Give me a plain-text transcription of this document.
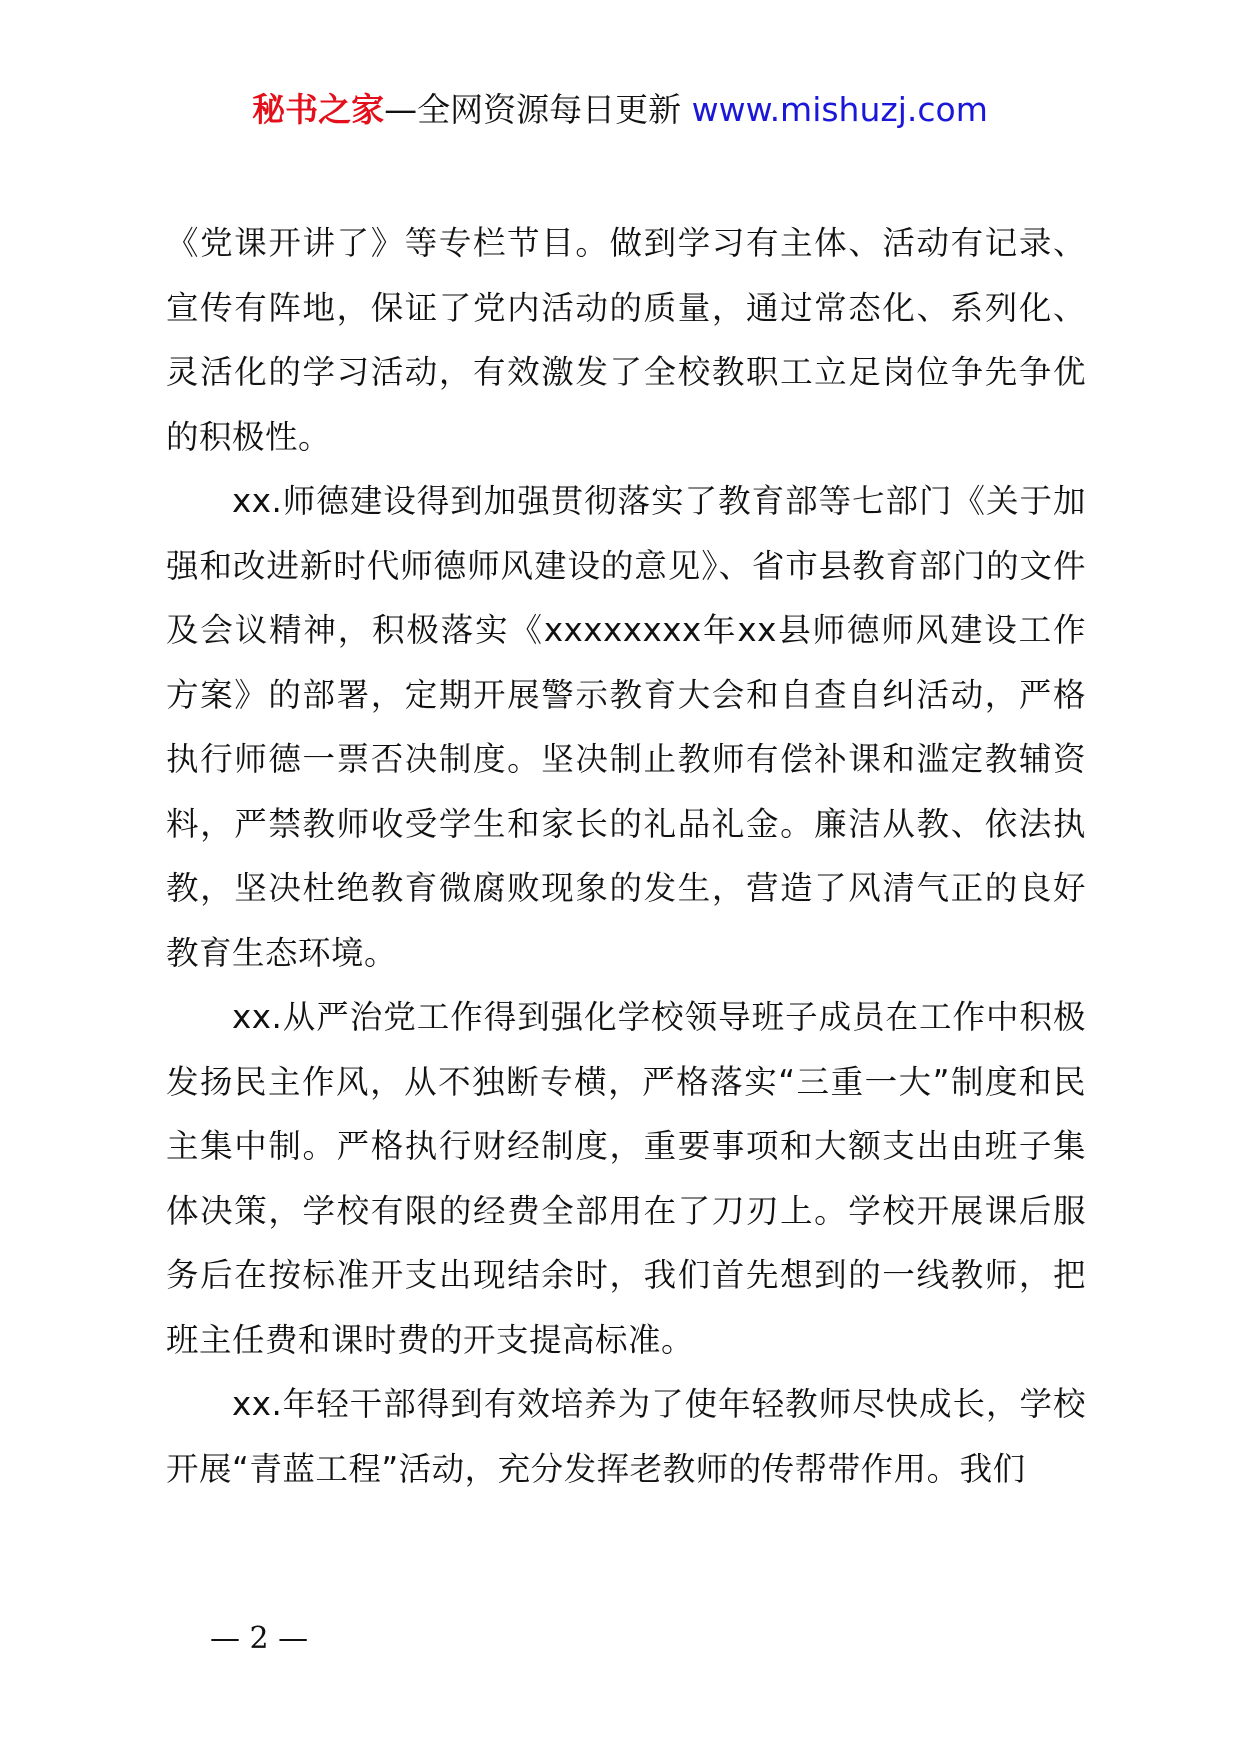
秘书之家—全网资源每日更新 www.mishuzj.com

《党课开讲了》等专栏节目。做到学习有主体、活动有记录、宣传有阵地，保证了党内活动的质量，通过常态化、系列化、灵活化的学习活动，有效激发了全校教职工立足岗位争先争优的积极性。

xx.师德建设得到加强贯彻落实了教育部等七部门《关于加强和改进新时代师德师风建设的意见》、省市县教育部门的文件及会议精神，积极落实《xxxxxxxx年xx县师德师风建设工作方案》的部署，定期开展警示教育大会和自查自纠活动，严格执行师德一票否决制度。坚决制止教师有偿补课和滥定教辅资料，严禁教师收受学生和家长的礼品礼金。廉洁从教、依法执教，坚决杜绝教育微腐败现象的发生，营造了风清气正的良好教育生态环境。

xx.从严治党工作得到强化学校领导班子成员在工作中积极发扬民主作风，从不独断专横，严格落实“三重一大”制度和民主集中制。严格执行财经制度，重要事项和大额支出由班子集体决策，学校有限的经费全部用在了刀刃上。学校开展课后服务后在按标准开支出现结余时，我们首先想到的一线教师，把班主任费和课时费的开支提高标准。

xx.年轻干部得到有效培养为了使年轻教师尽快成长，学校开展“青蓝工程”活动，充分发挥老教师的传帮带作用。我们

— 2 —
